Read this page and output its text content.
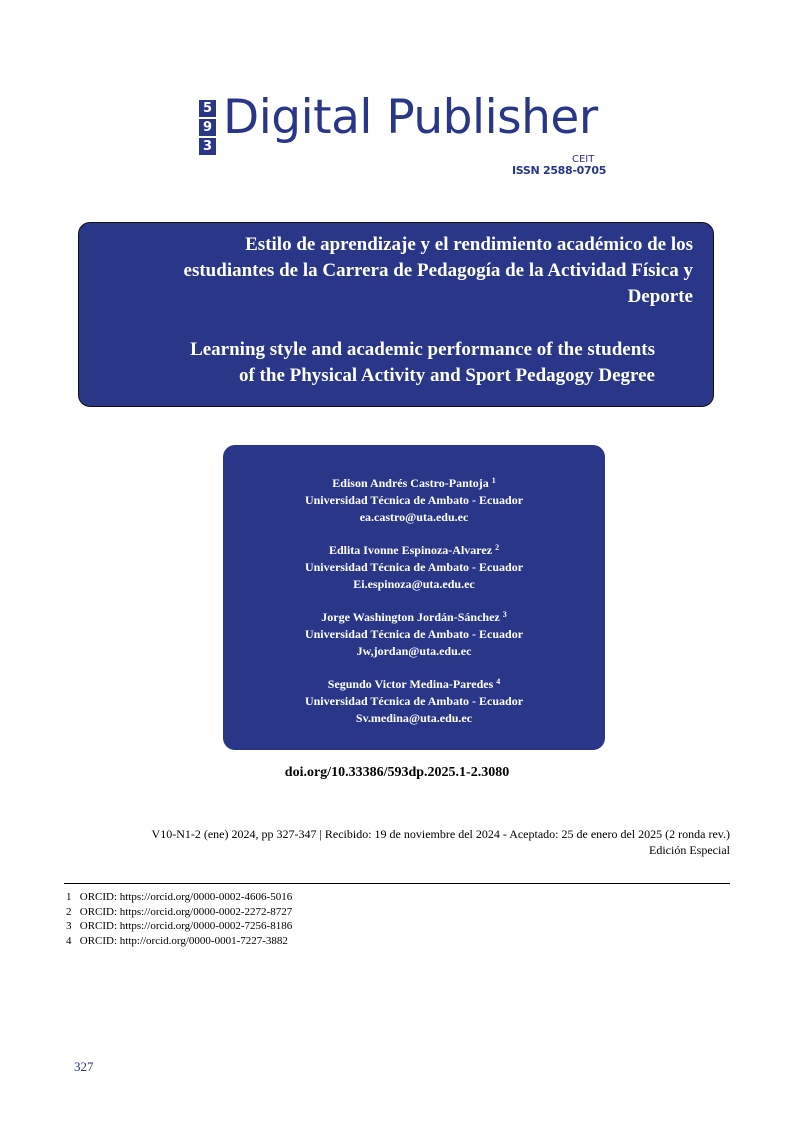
5
9
3
Digital Publisher
CEIT
ISSN 2588-0705
Estilo de aprendizaje y el rendimiento académico de los
estudiantes de la Carrera de Pedagogía de la Actividad Física y
Deporte
Learning style and academic performance of the students
of the Physical Activity and Sport Pedagogy Degree
Edison Andrés Castro-Pantoja $^1$
Universidad Técnica de Ambato - Ecuador
ea.castro@uta.edu.ec
Edlita Ivonne Espinoza-Alvarez $^2$
Universidad Técnica de Ambato - Ecuador
Ei.espinoza@uta.edu.ec
Jorge Washington Jordán-Sánchez $^3$
Universidad Técnica de Ambato - Ecuador
Jw,jordan@uta.edu.ec
Segundo Victor Medina-Paredes $^4$
Universidad Técnica de Ambato - Ecuador
Sv.medina@uta.edu.ec
doi.org/10.33386/593dp.2025.1-2.3080
V10-N1-2 (ene) 2024, pp 327-347 | Recibido: 19 de noviembre del 2024 - Aceptado: 25 de enero del 2025 (2 ronda rev.)
Edición Especial
1 ORCID: https://orcid.org/0000-0002-4606-5016
2 ORCID: https://orcid.org/0000-0002-2272-8727
3 ORCID: https://orcid.org/0000-0002-7256-8186
4 ORCID: http://orcid.org/0000-0001-7227-3882
327
